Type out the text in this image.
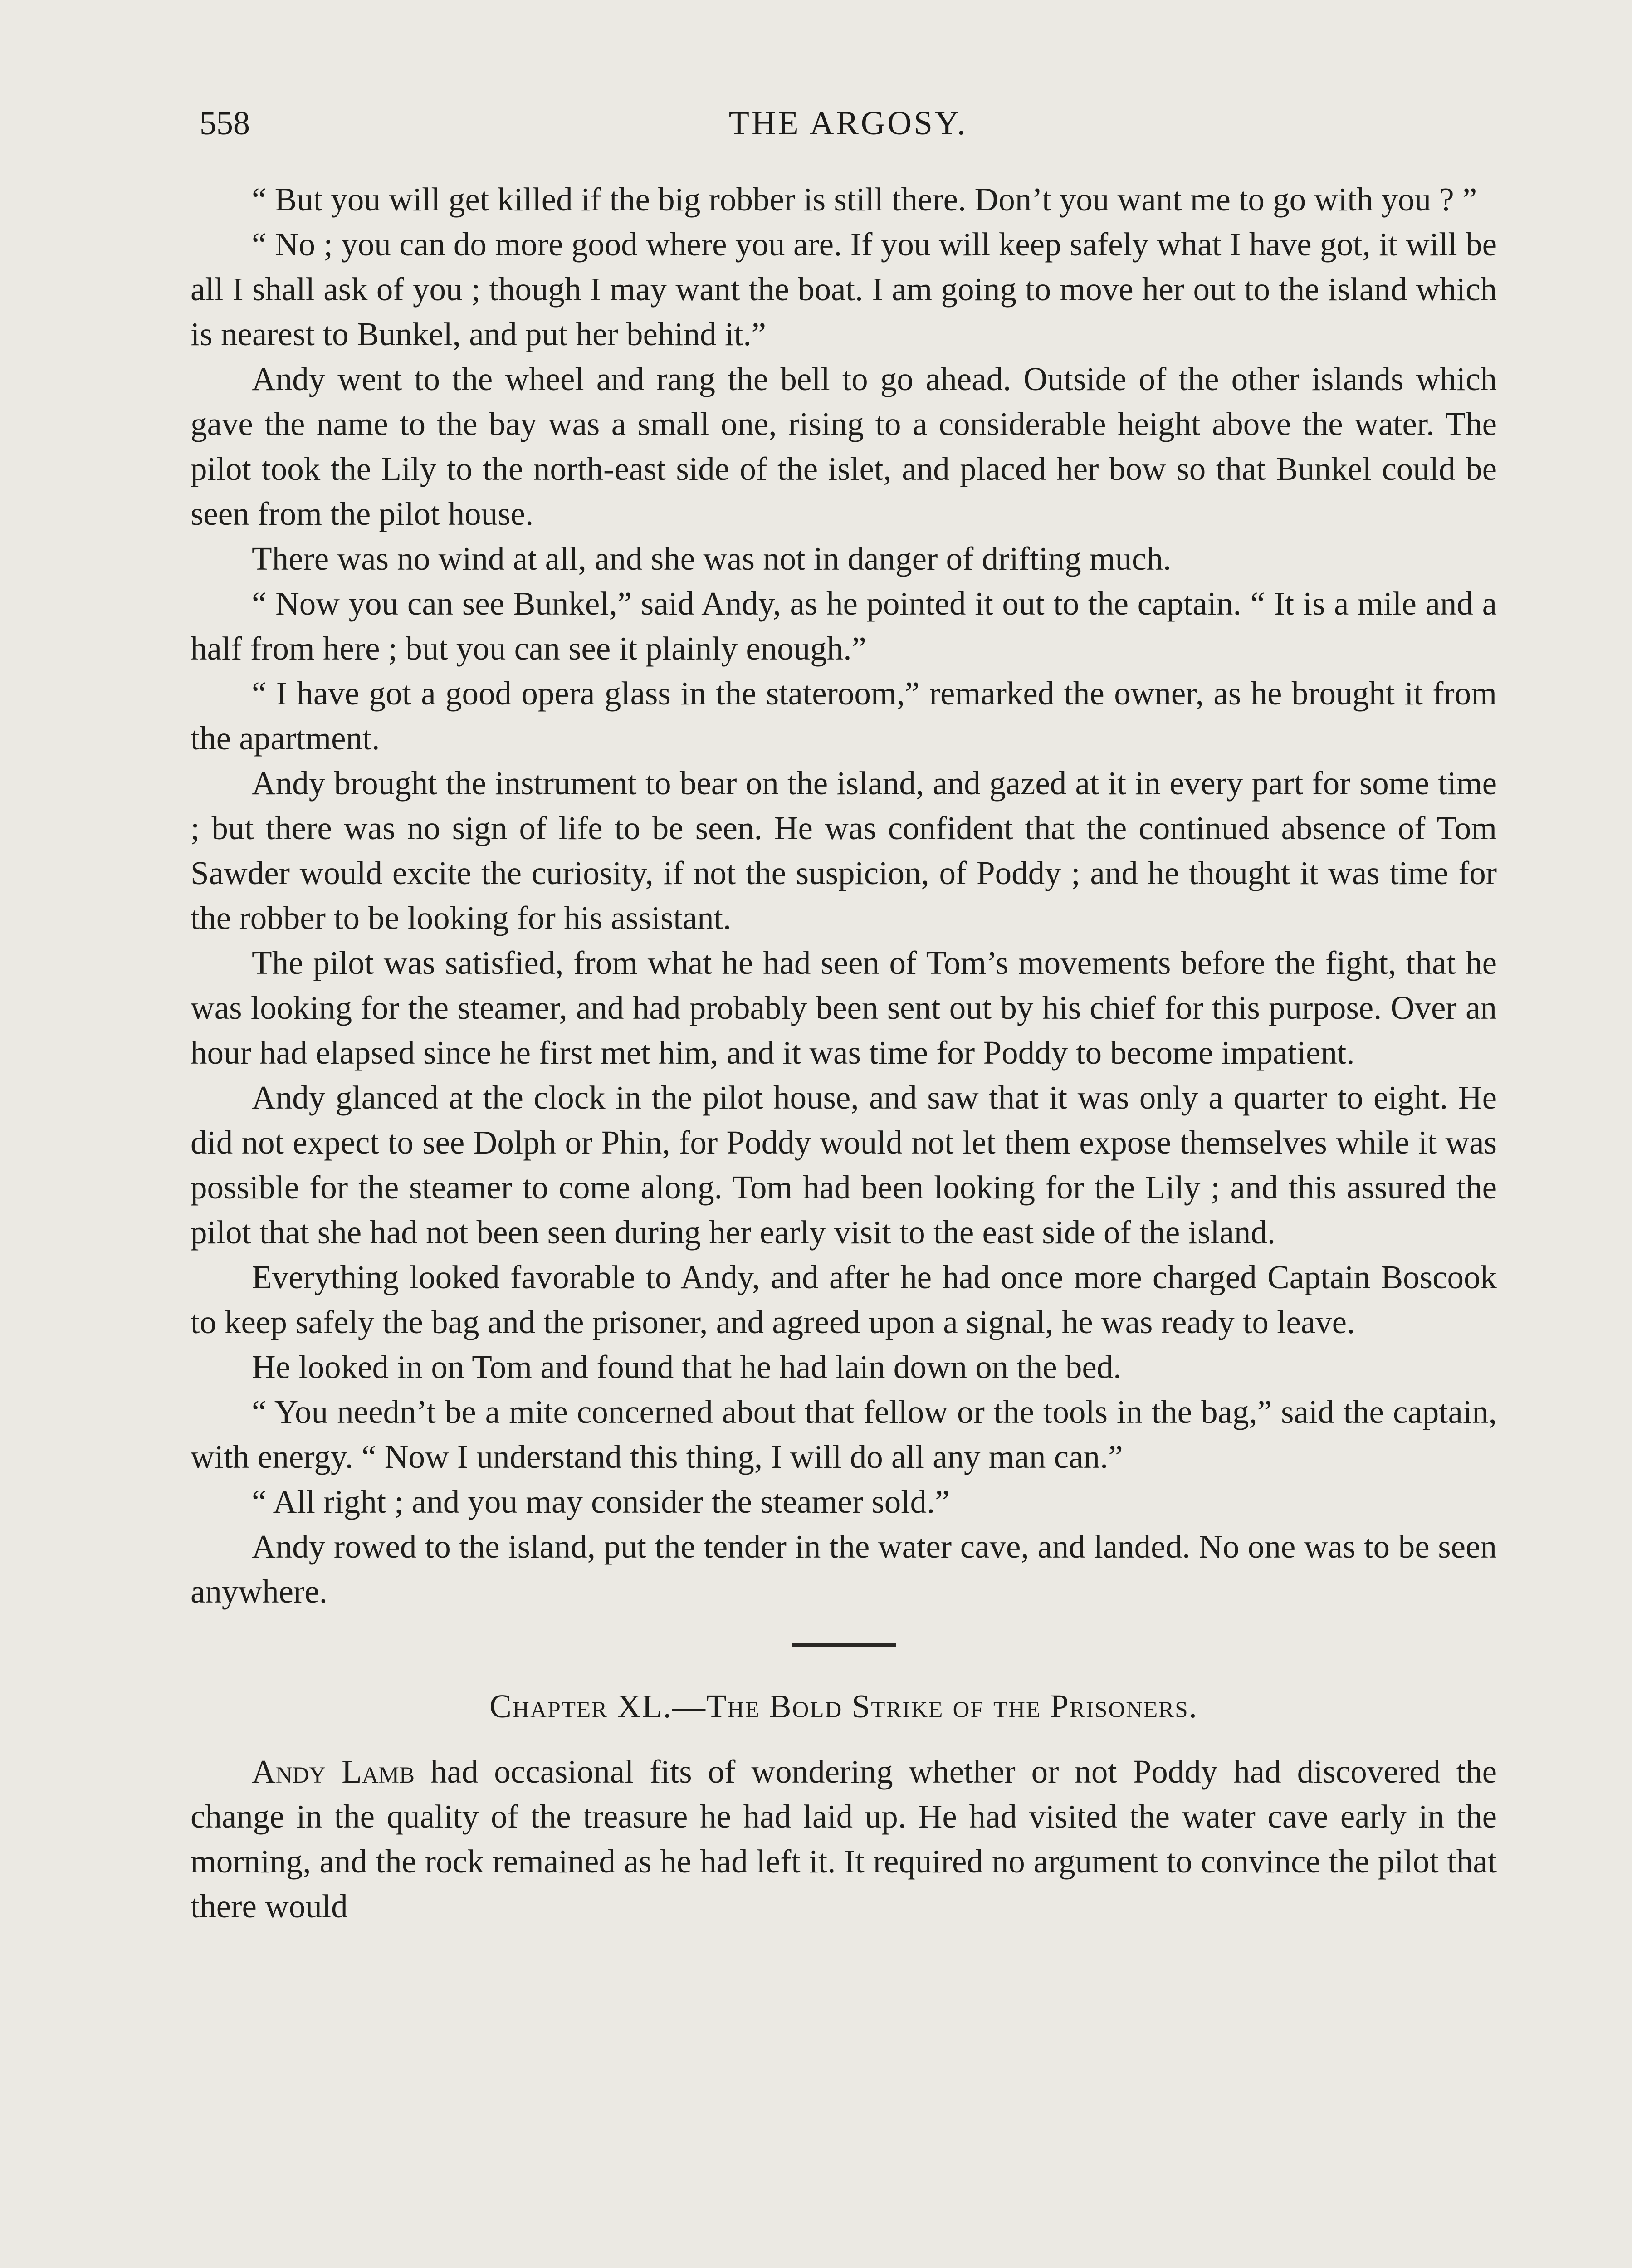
558	THE ARGOSY.

“ But you will get killed if the big robber is still there. Don’t you want me to go with you ? ”

“ No ; you can do more good where you are. If you will keep safely what I have got, it will be all I shall ask of you ; though I may want the boat. I am going to move her out to the island which is nearest to Bunkel, and put her behind it.”

Andy went to the wheel and rang the bell to go ahead. Outside of the other islands which gave the name to the bay was a small one, rising to a considerable height above the water. The pilot took the Lily to the north-east side of the islet, and placed her bow so that Bunkel could be seen from the pilot house.

There was no wind at all, and she was not in danger of drifting much.

“ Now you can see Bunkel,” said Andy, as he pointed it out to the captain. “ It is a mile and a half from here ; but you can see it plainly enough.”

“ I have got a good opera glass in the stateroom,” remarked the owner, as he brought it from the apartment.

Andy brought the instrument to bear on the island, and gazed at it in every part for some time ; but there was no sign of life to be seen. He was confident that the continued absence of Tom Sawder would excite the curiosity, if not the suspicion, of Poddy ; and he thought it was time for the robber to be looking for his assistant.

The pilot was satisfied, from what he had seen of Tom’s movements before the fight, that he was looking for the steamer, and had probably been sent out by his chief for this purpose. Over an hour had elapsed since he first met him, and it was time for Poddy to become impatient.

Andy glanced at the clock in the pilot house, and saw that it was only a quarter to eight. He did not expect to see Dolph or Phin, for Poddy would not let them expose themselves while it was possible for the steamer to come along. Tom had been looking for the Lily ; and this assured the pilot that she had not been seen during her early visit to the east side of the island.

Everything looked favorable to Andy, and after he had once more charged Captain Boscook to keep safely the bag and the prisoner, and agreed upon a signal, he was ready to leave.

He looked in on Tom and found that he had lain down on the bed.

“ You needn’t be a mite concerned about that fellow or the tools in the bag,” said the captain, with energy. “ Now I understand this thing, I will do all any man can.”

“ All right ; and you may consider the steamer sold.”

Andy rowed to the island, put the tender in the water cave, and landed. No one was to be seen anywhere.

Chapter XL.—The Bold Strike of the Prisoners.

Andy Lamb had occasional fits of wondering whether or not Poddy had discovered the change in the quality of the treasure he had laid up. He had visited the water cave early in the morning, and the rock remained as he had left it. It required no argument to convince the pilot that there would
